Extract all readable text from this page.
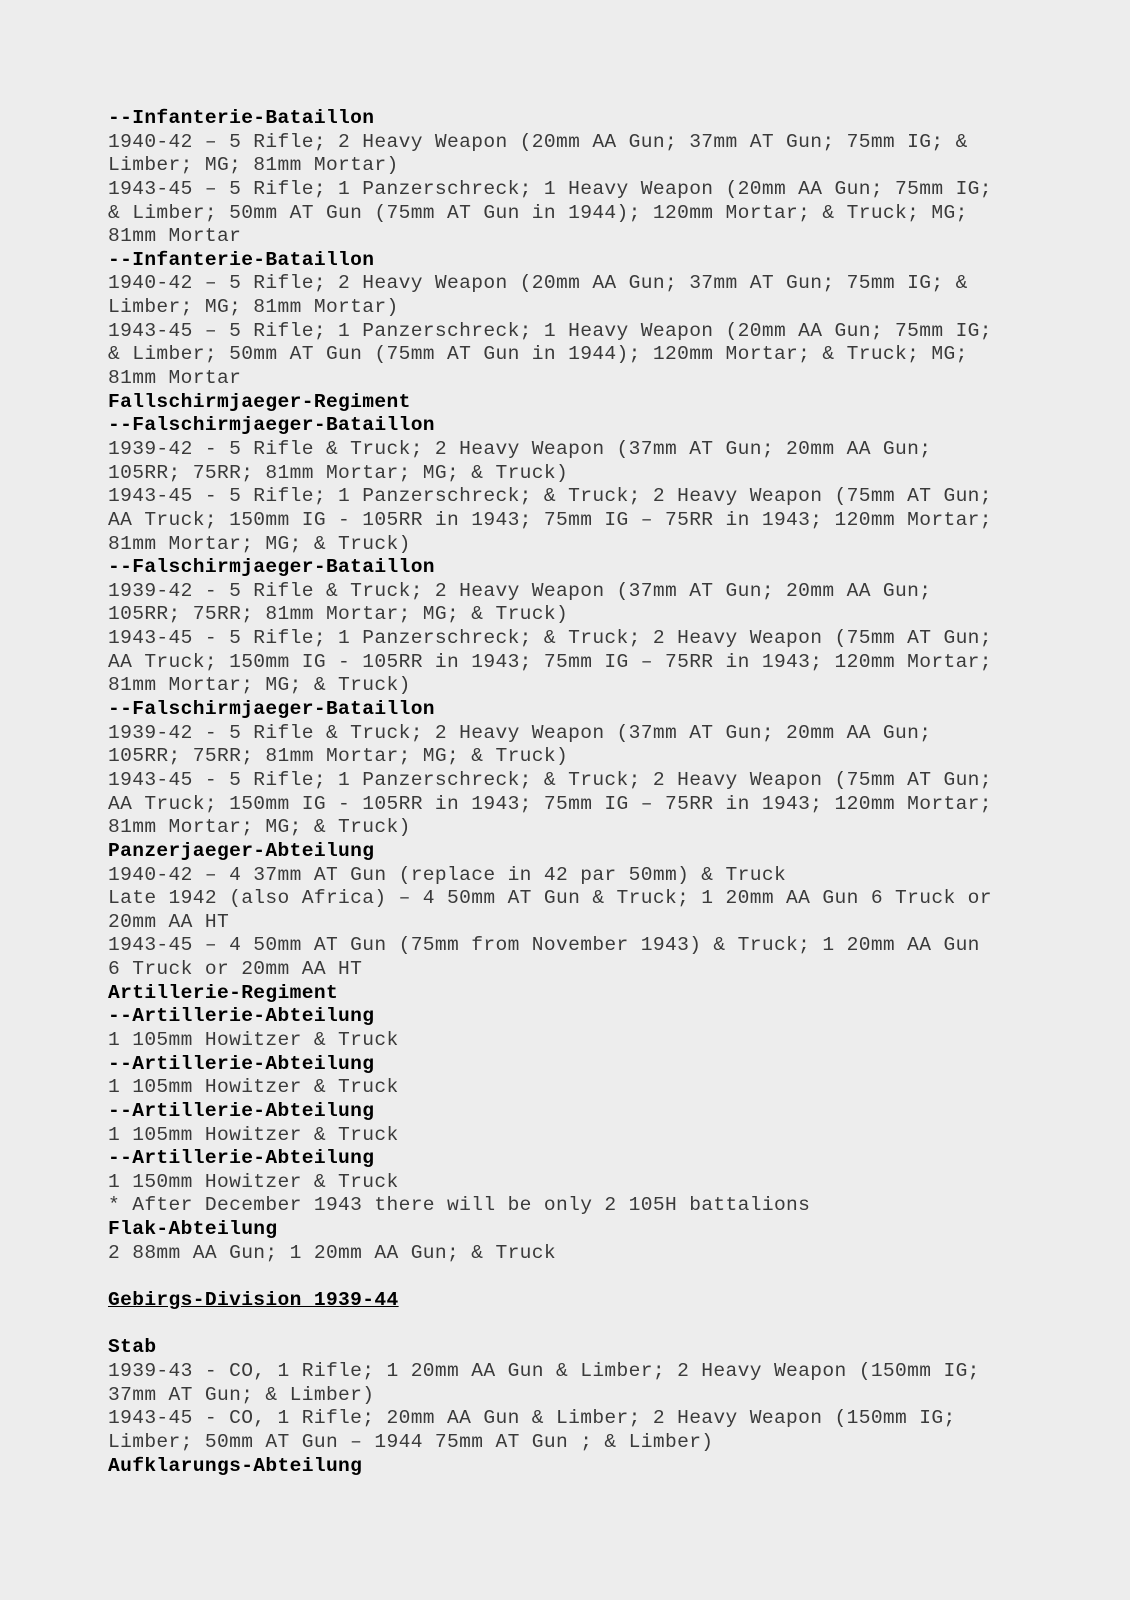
--Infanterie-Bataillon
1940-42 – 5 Rifle; 2 Heavy Weapon (20mm AA Gun; 37mm AT Gun; 75mm IG; &
Limber; MG; 81mm Mortar)
1943-45 – 5 Rifle; 1 Panzerschreck; 1 Heavy Weapon (20mm AA Gun; 75mm IG;
& Limber; 50mm AT Gun (75mm AT Gun in 1944); 120mm Mortar; & Truck; MG;
81mm Mortar
--Infanterie-Bataillon
1940-42 – 5 Rifle; 2 Heavy Weapon (20mm AA Gun; 37mm AT Gun; 75mm IG; &
Limber; MG; 81mm Mortar)
1943-45 – 5 Rifle; 1 Panzerschreck; 1 Heavy Weapon (20mm AA Gun; 75mm IG;
& Limber; 50mm AT Gun (75mm AT Gun in 1944); 120mm Mortar; & Truck; MG;
81mm Mortar
Fallschirmjaeger-Regiment
--Falschirmjaeger-Bataillon
1939-42 - 5 Rifle & Truck; 2 Heavy Weapon (37mm AT Gun; 20mm AA Gun;
105RR; 75RR; 81mm Mortar; MG; & Truck)
1943-45 - 5 Rifle; 1 Panzerschreck; & Truck; 2 Heavy Weapon (75mm AT Gun;
AA Truck; 150mm IG - 105RR in 1943; 75mm IG – 75RR in 1943; 120mm Mortar;
81mm Mortar; MG; & Truck)
--Falschirmjaeger-Bataillon
1939-42 - 5 Rifle & Truck; 2 Heavy Weapon (37mm AT Gun; 20mm AA Gun;
105RR; 75RR; 81mm Mortar; MG; & Truck)
1943-45 - 5 Rifle; 1 Panzerschreck; & Truck; 2 Heavy Weapon (75mm AT Gun;
AA Truck; 150mm IG - 105RR in 1943; 75mm IG – 75RR in 1943; 120mm Mortar;
81mm Mortar; MG; & Truck)
--Falschirmjaeger-Bataillon
1939-42 - 5 Rifle & Truck; 2 Heavy Weapon (37mm AT Gun; 20mm AA Gun;
105RR; 75RR; 81mm Mortar; MG; & Truck)
1943-45 - 5 Rifle; 1 Panzerschreck; & Truck; 2 Heavy Weapon (75mm AT Gun;
AA Truck; 150mm IG - 105RR in 1943; 75mm IG – 75RR in 1943; 120mm Mortar;
81mm Mortar; MG; & Truck)
Panzerjaeger-Abteilung
1940-42 – 4 37mm AT Gun (replace in 42 par 50mm) & Truck
Late 1942 (also Africa) – 4 50mm AT Gun & Truck; 1 20mm AA Gun 6 Truck or
20mm AA HT
1943-45 – 4 50mm AT Gun (75mm from November 1943) & Truck; 1 20mm AA Gun
6 Truck or 20mm AA HT
Artillerie-Regiment
--Artillerie-Abteilung
1 105mm Howitzer & Truck
--Artillerie-Abteilung
1 105mm Howitzer & Truck
--Artillerie-Abteilung
1 105mm Howitzer & Truck
--Artillerie-Abteilung
1 150mm Howitzer & Truck
* After December 1943 there will be only 2 105H battalions
Flak-Abteilung
2 88mm AA Gun; 1 20mm AA Gun; & Truck
Gebirgs-Division 1939-44
Stab
1939-43 - CO, 1 Rifle; 1 20mm AA Gun & Limber; 2 Heavy Weapon (150mm IG;
37mm AT Gun; & Limber)
1943-45 - CO, 1 Rifle; 20mm AA Gun & Limber; 2 Heavy Weapon (150mm IG;
Limber; 50mm AT Gun – 1944 75mm AT Gun ; & Limber)
Aufklarungs-Abteilung
